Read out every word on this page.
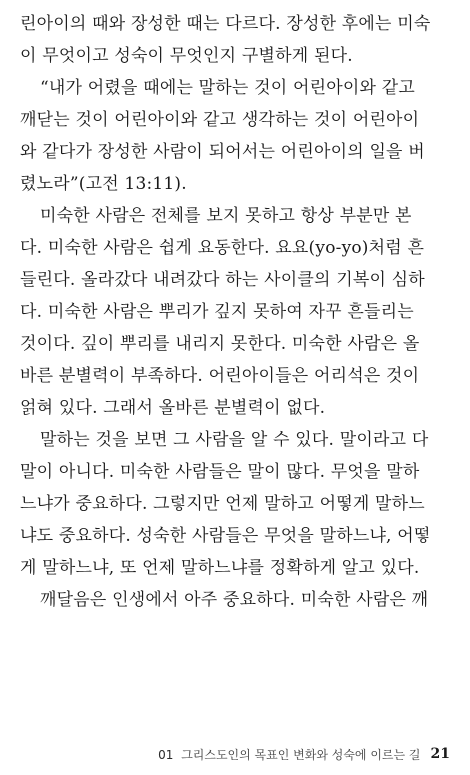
린아이의 때와 장성한 때는 다르다. 장성한 후에는 미숙
이 무엇이고 성숙이 무엇인지 구별하게 된다.
“내가 어렸을 때에는 말하는 것이 어린아이와 같고
깨닫는 것이 어린아이와 같고 생각하는 것이 어린아이
와 같다가 장성한 사람이 되어서는 어린아이의 일을 버
렸노라”(고전 13:11).
미숙한 사람은 전체를 보지 못하고 항상 부분만 본
다. 미숙한 사람은 쉽게 요동한다. 요요(yo-yo)처럼 흔
들린다. 올라갔다 내려갔다 하는 사이클의 기복이 심하
다. 미숙한 사람은 뿌리가 깊지 못하여 자꾸 흔들리는
것이다. 깊이 뿌리를 내리지 못한다. 미숙한 사람은 올
바른 분별력이 부족하다. 어린아이들은 어리석은 것이
얽혀 있다. 그래서 올바른 분별력이 없다.
말하는 것을 보면 그 사람을 알 수 있다. 말이라고 다
말이 아니다. 미숙한 사람들은 말이 많다. 무엇을 말하
느냐가 중요하다. 그렇지만 언제 말하고 어떻게 말하느
냐도 중요하다. 성숙한 사람들은 무엇을 말하느냐, 어떻
게 말하느냐, 또 언제 말하느냐를 정확하게 알고 있다.
깨달음은 인생에서 아주 중요하다. 미숙한 사람은 깨
01 그리스도인의 목표인 변화와 성숙에 이르는 길 21
